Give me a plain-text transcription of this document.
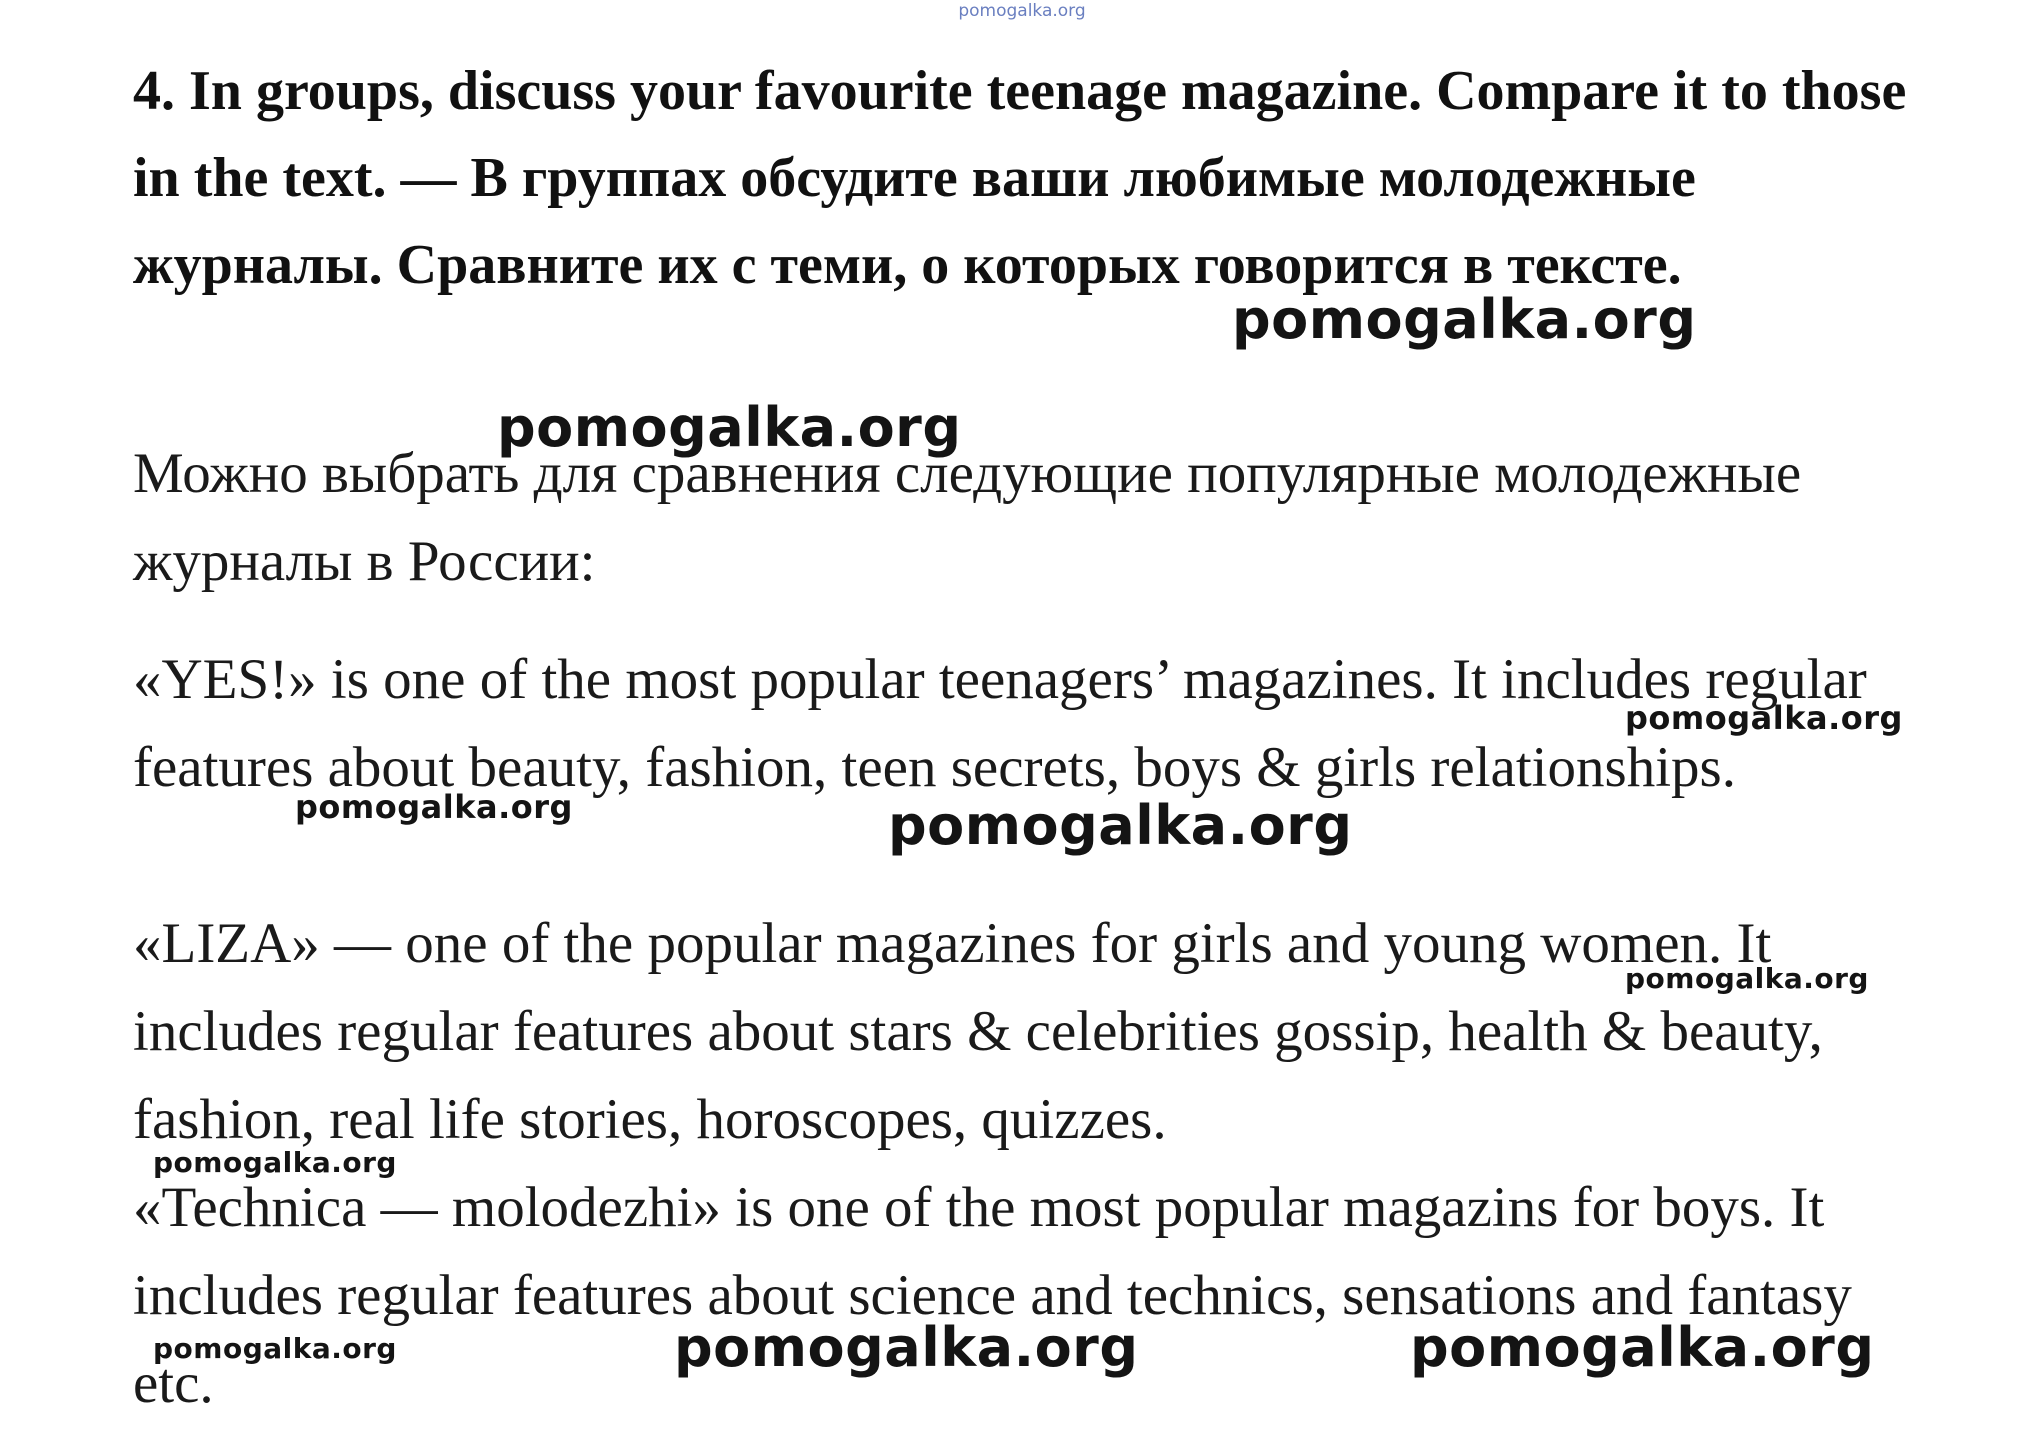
pomogalka.org

4. In groups, discuss your favourite teenage magazine. Compare it to those in the text. — В группах обсудите ваши любимые молодежные журналы. Сравните их с теми, о которых говорится в тексте.

Можно выбрать для сравнения следующие популярные молодежные журналы в России:

«YES!» is one of the most popular teenagers’ magazines. It includes regular features about beauty, fashion, teen secrets, boys & girls relationships.

«LIZA» — one of the popular magazines for girls and young women. It includes regular features about stars & celebrities gossip, health & beauty, fashion, real life stories, horoscopes, quizzes.

«Technica — molodezhi» is one of the most popular magazins for boys. It includes regular features about science and technics, sensations and fantasy etc.

pomogalka.org
pomogalka.org
pomogalka.org
pomogalka.org	pomogalka.org
pomogalka.org
pomogalka.org
pomogalka.org	pomogalka.org	pomogalka.org
